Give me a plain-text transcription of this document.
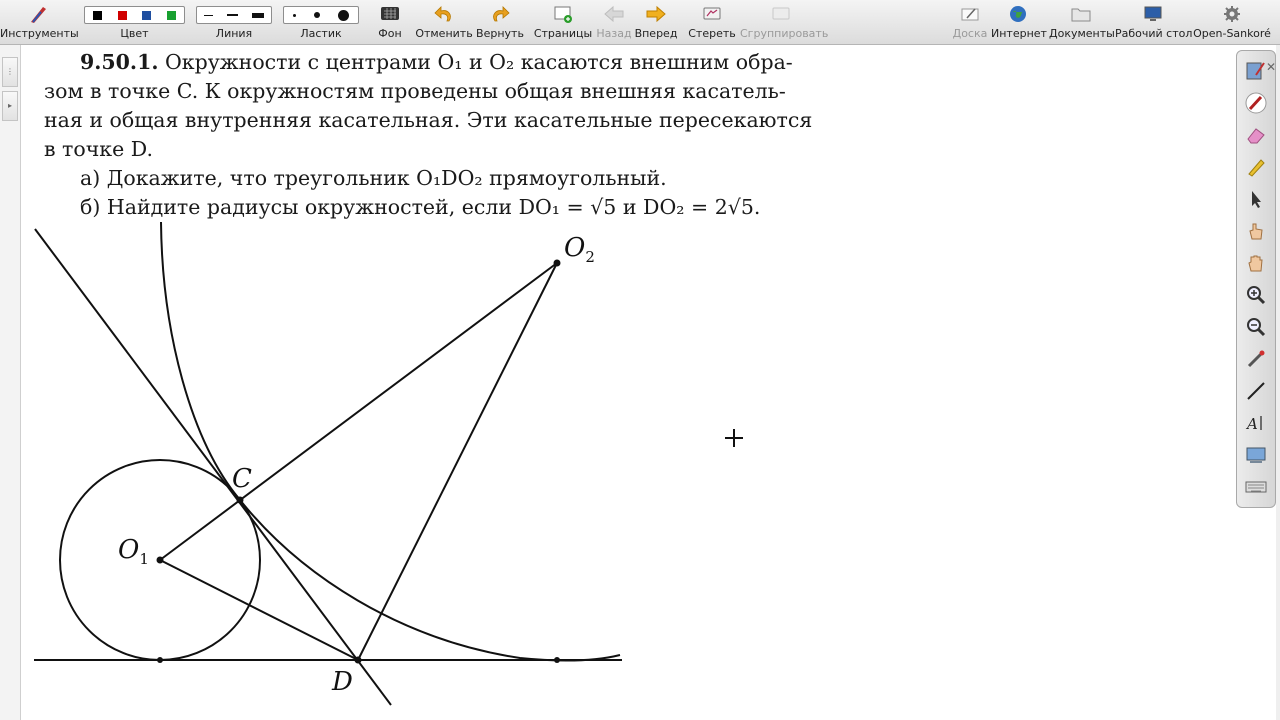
Инструменты	Цвет	Линия	Ластик	Фон	Отменить Вернуть Страницы Назад Вперед Стереть Сгруппировать	Доска Интернет Документы Рабочий стол Open-Sankoré
⋮
▸
9.50.1. Окружности с центрами O₁ и O₂ касаются внешним обра-
зом в точке C. К окружностям проведены общая внешняя касатель-
ная и общая внутренняя касательная. Эти касательные пересекаются
в точке D.
а) Докажите, что треугольник O₁DO₂ прямоугольный.
б) Найдите радиусы окружностей, если DO₁ = √5 и DO₂ = 2√5.
$O_1$
$O_2$
C
D
A
✕
